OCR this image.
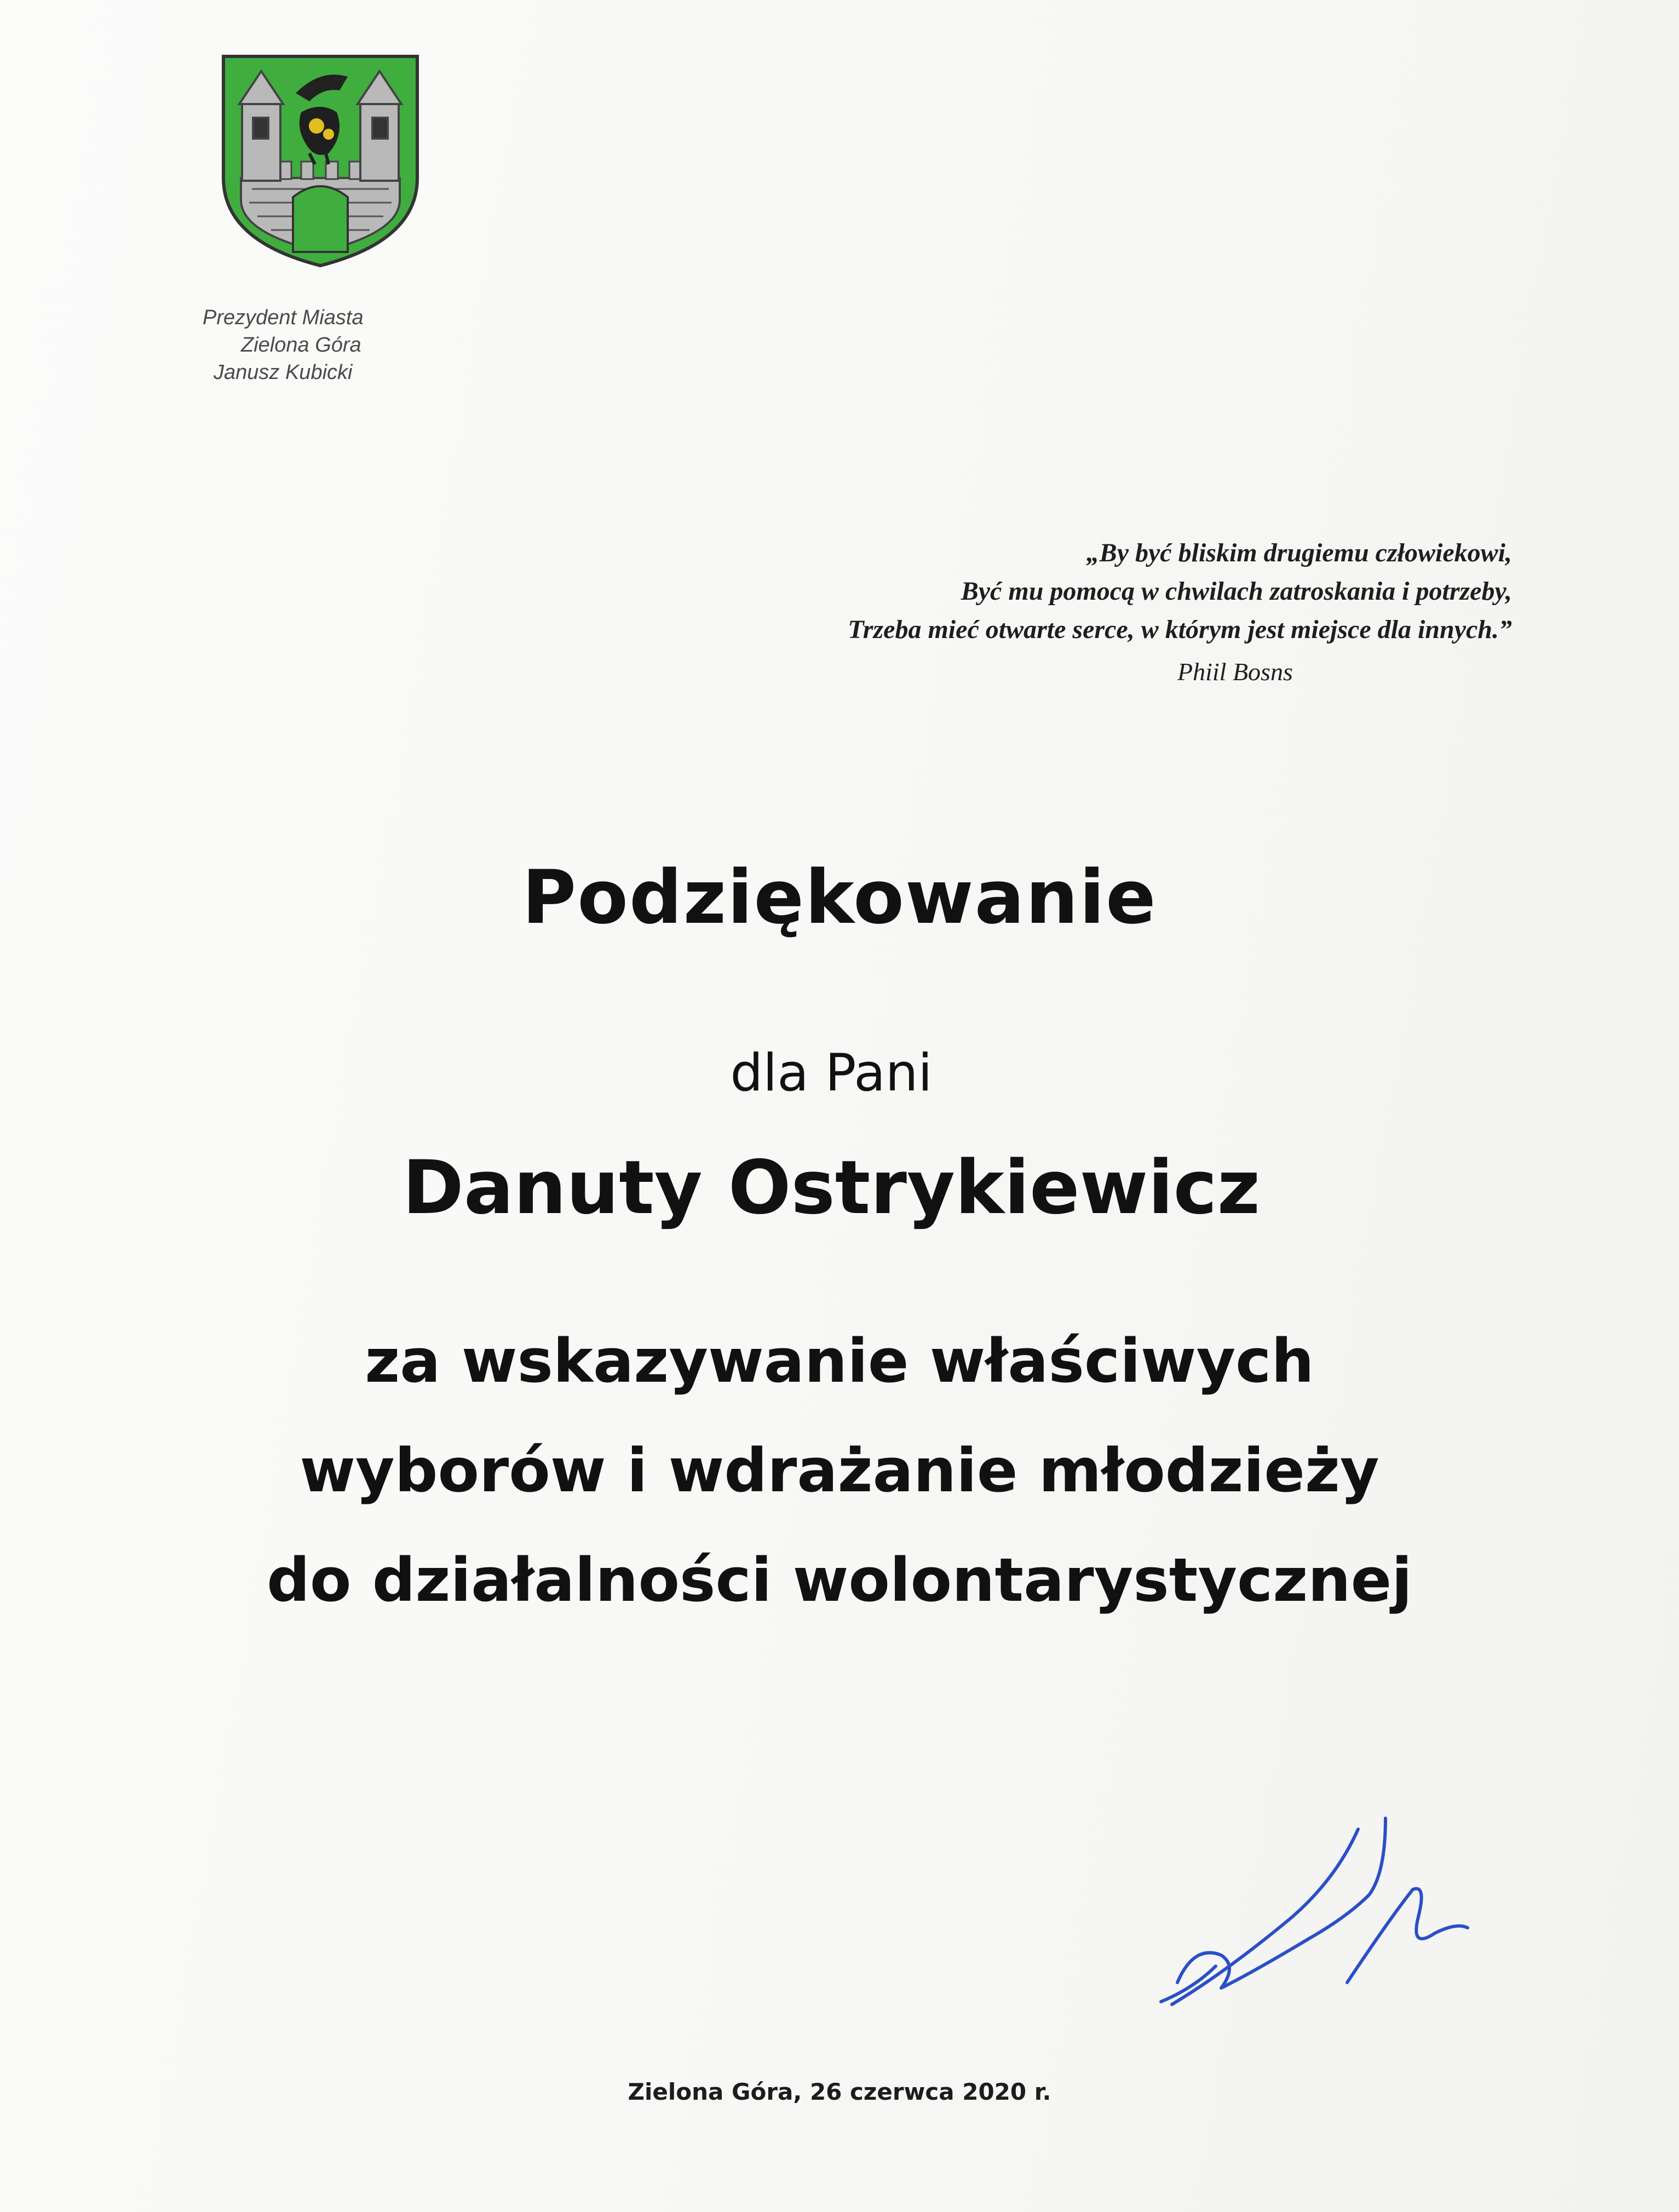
Prezydent Miasta
Zielona Góra
Janusz Kubicki
„By być bliskim drugiemu człowiekowi,
Być mu pomocą w chwilach zatroskania i potrzeby,
Trzeba mieć otwarte serce, w którym jest miejsce dla innych.”
Phiil Bosns
Podziękowanie
dla Pani
Danuty Ostrykiewicz
za wskazywanie właściwych
wyborów i wdrażanie młodzieży
do działalności wolontarystycznej
Zielona Góra, 26 czerwca 2020 r.
